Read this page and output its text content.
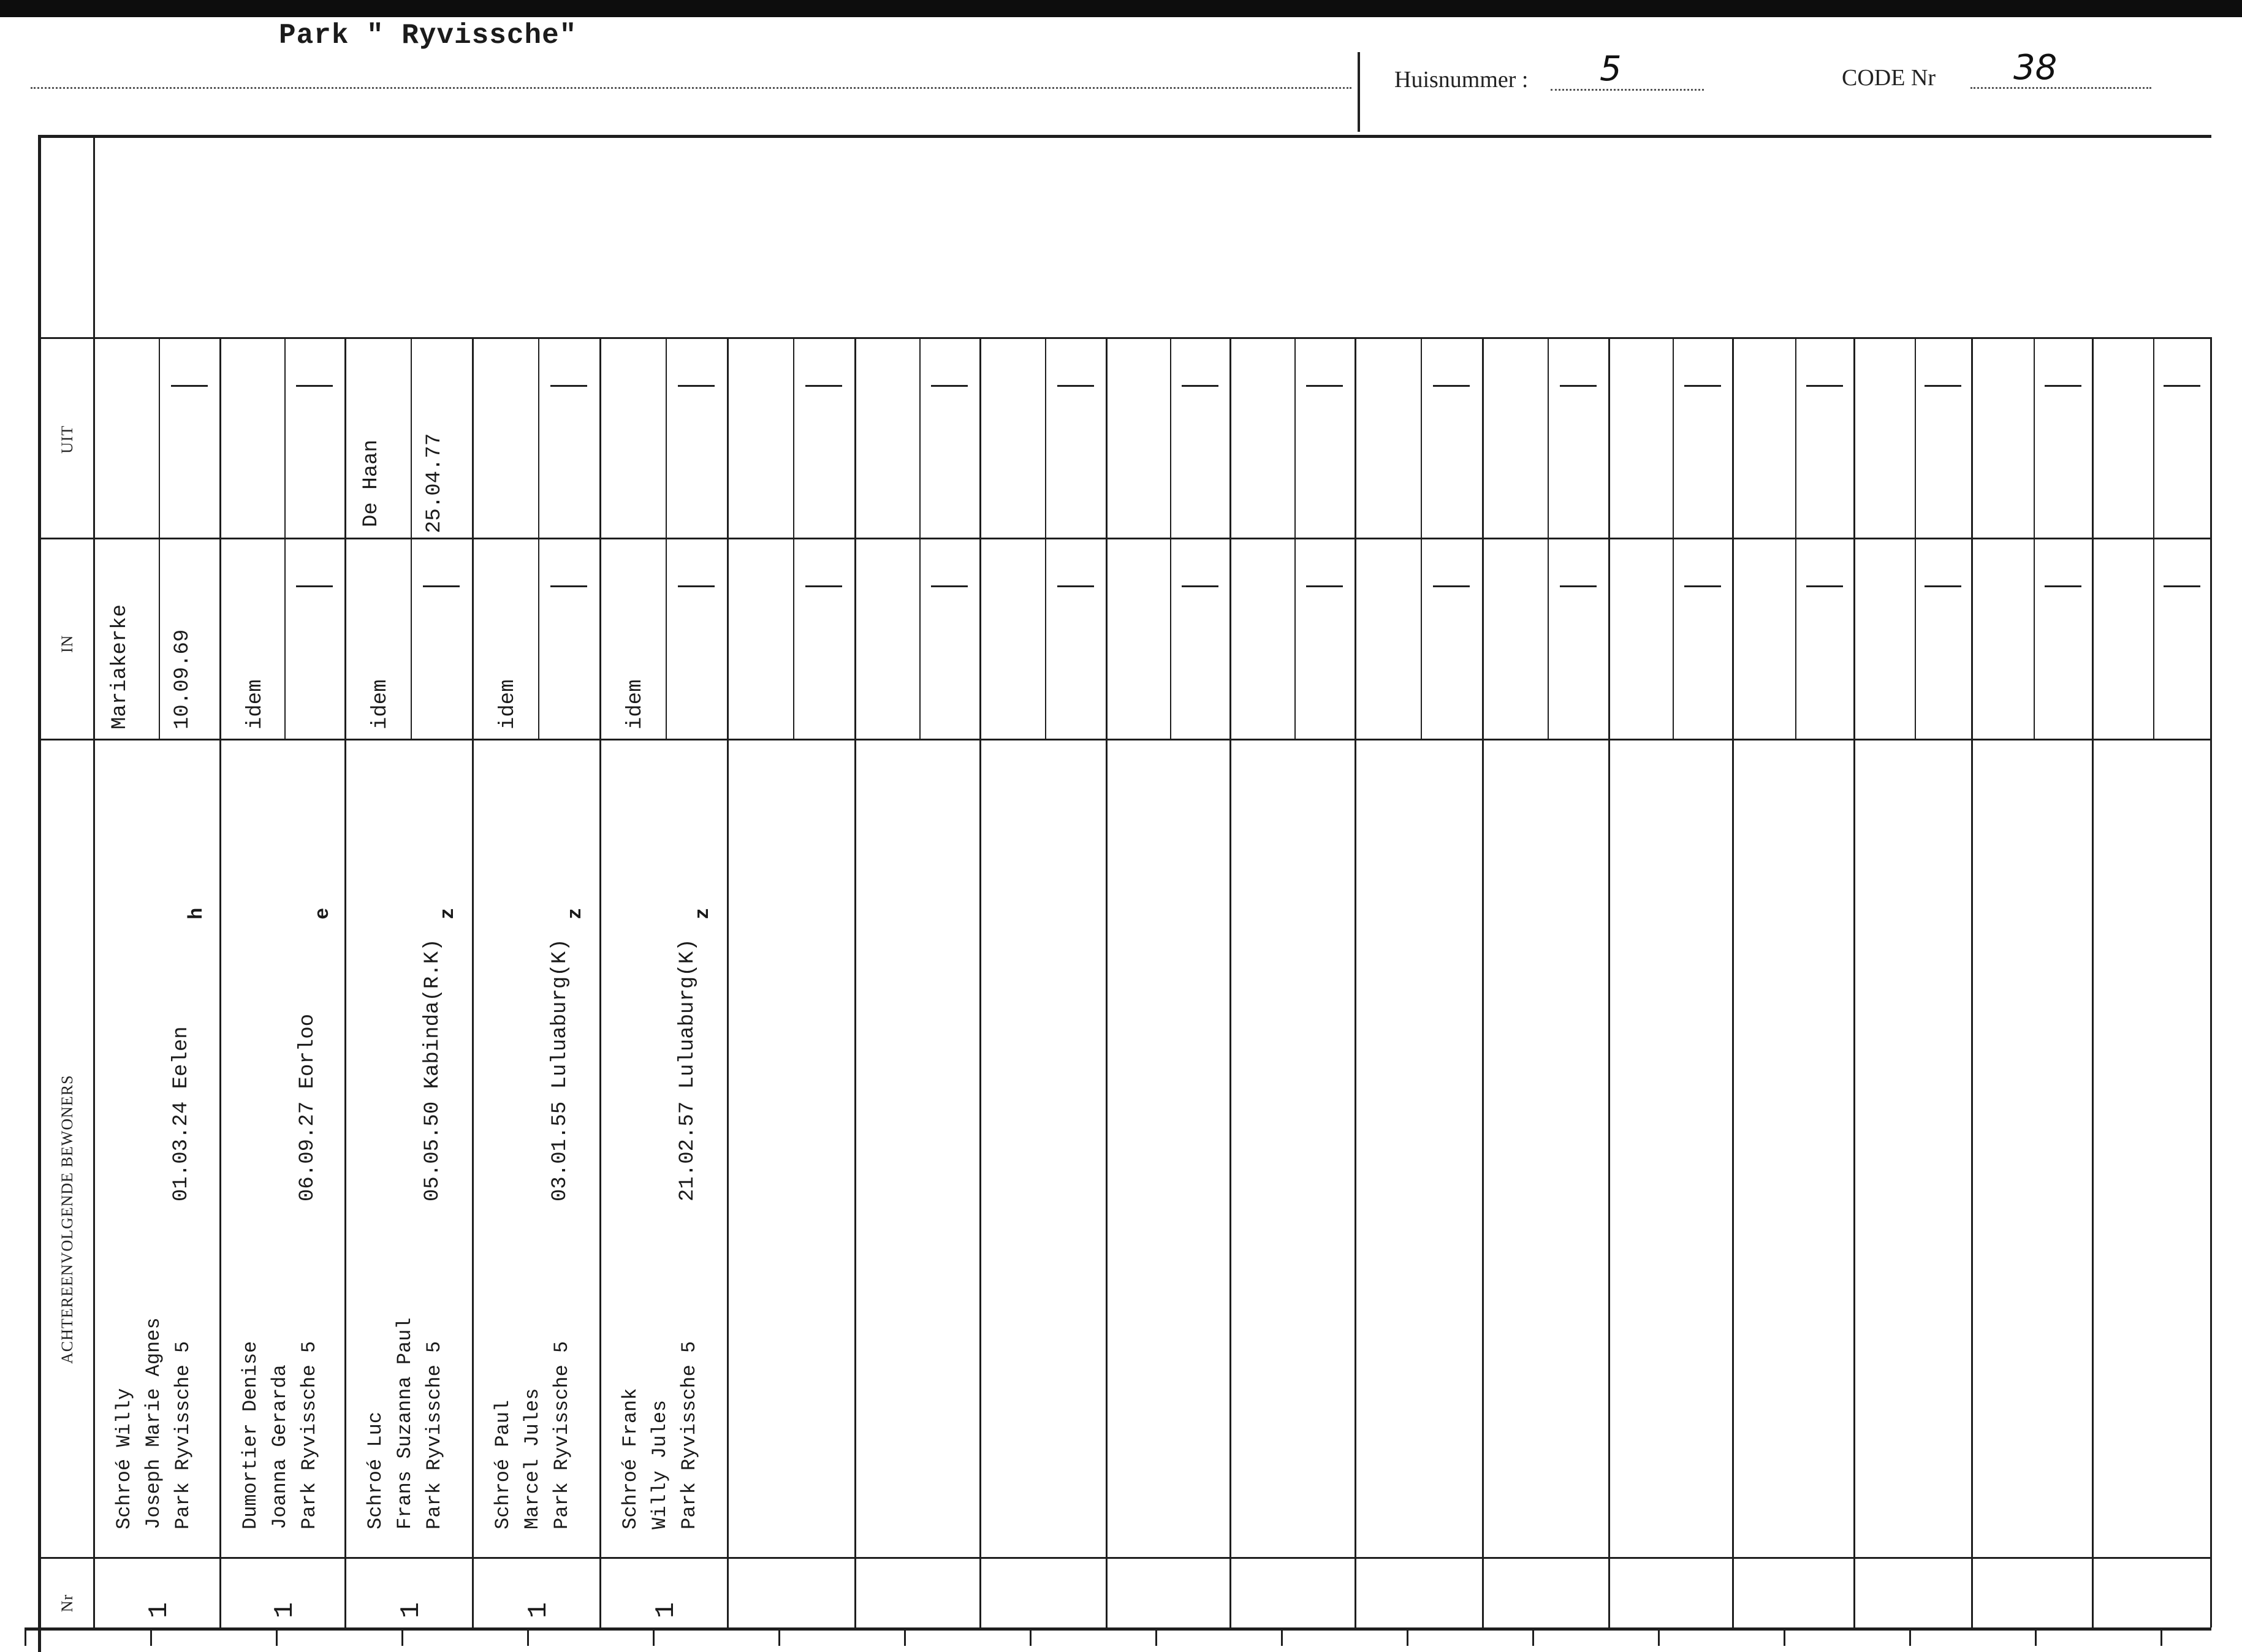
Park " Ryvissche"
Huisnummer : 5	CODE Nr 38
UIT
IN
ACHTEREENVOLGENDE BEWONERS
Nr
Schroé Willy Joseph Marie Agnes Park Ryvissche 5
01.03.24 Eelen
h
Mariakerke 10.09.69
1
Dumortier Denise Joanna Gerarda Park Ryvissche 5
06.09.27 Eorloo
e
idem
1
Schroé Luc Frans Suzanna Paul Park Ryvissche 5
05.05.50 Kabinda(R.K)
z
idem
De Haan 25.04.77
1
Schroé Paul Marcel Jules Park Ryvissche 5
03.01.55 Luluaburg(K)
z
idem
1
Schroé Frank Willy Jules Park Ryvissche 5
21.02.57 Luluaburg(K)
z
idem
1
